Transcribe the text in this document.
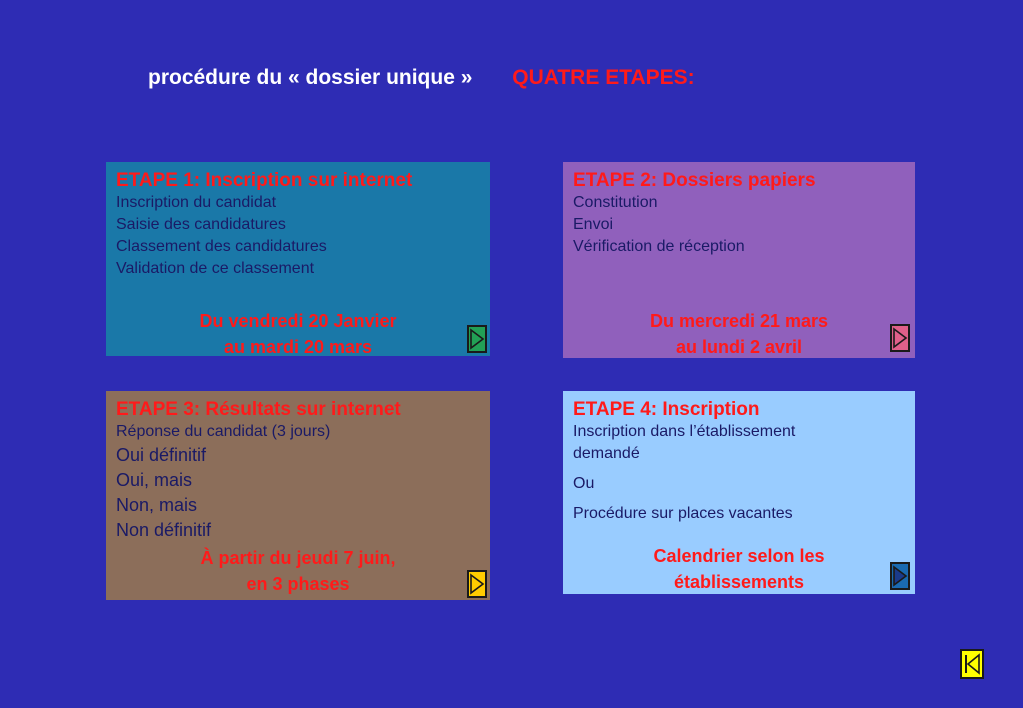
procédure du « dossier unique » QUATRE ETAPES:
ETAPE 1: Inscription sur internet
Inscription du candidat
Saisie des candidatures
Classement des candidatures
Validation de ce classement
Du vendredi 20 Janvier
au mardi 20 mars
ETAPE 2: Dossiers papiers
Constitution
Envoi
Vérification de réception
Du mercredi 21 mars
au lundi 2 avril
ETAPE 3: Résultats sur internet
Réponse du candidat (3 jours)
Oui définitif
Oui, mais
Non, mais
Non définitif
À partir du jeudi 7 juin,
en 3 phases
ETAPE 4: Inscription
Inscription dans l’établissement
demandé
Ou
Procédure sur places vacantes
Calendrier selon les
établissements
